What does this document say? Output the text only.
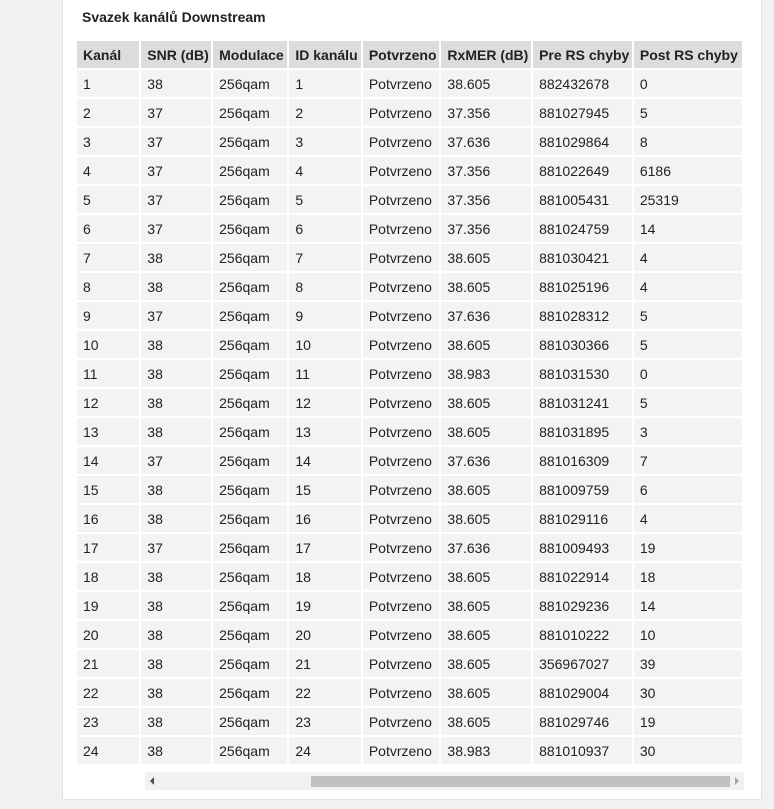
Svazek kanálů Downstream
Kanál	SNR (dB)	Modulace	ID kanálu	Potvrzeno	RxMER (dB)	Pre RS chyby	Post RS chyby
1	38	256qam	1	Potvrzeno	38.605	882432678	0
2	37	256qam	2	Potvrzeno	37.356	881027945	5
3	37	256qam	3	Potvrzeno	37.636	881029864	8
4	37	256qam	4	Potvrzeno	37.356	881022649	6186
5	37	256qam	5	Potvrzeno	37.356	881005431	25319
6	37	256qam	6	Potvrzeno	37.356	881024759	14
7	38	256qam	7	Potvrzeno	38.605	881030421	4
8	38	256qam	8	Potvrzeno	38.605	881025196	4
9	37	256qam	9	Potvrzeno	37.636	881028312	5
10	38	256qam	10	Potvrzeno	38.605	881030366	5
11	38	256qam	11	Potvrzeno	38.983	881031530	0
12	38	256qam	12	Potvrzeno	38.605	881031241	5
13	38	256qam	13	Potvrzeno	38.605	881031895	3
14	37	256qam	14	Potvrzeno	37.636	881016309	7
15	38	256qam	15	Potvrzeno	38.605	881009759	6
16	38	256qam	16	Potvrzeno	38.605	881029116	4
17	37	256qam	17	Potvrzeno	37.636	881009493	19
18	38	256qam	18	Potvrzeno	38.605	881022914	18
19	38	256qam	19	Potvrzeno	38.605	881029236	14
20	38	256qam	20	Potvrzeno	38.605	881010222	10
21	38	256qam	21	Potvrzeno	38.605	356967027	39
22	38	256qam	22	Potvrzeno	38.605	881029004	30
23	38	256qam	23	Potvrzeno	38.605	881029746	19
24	38	256qam	24	Potvrzeno	38.983	881010937	30
